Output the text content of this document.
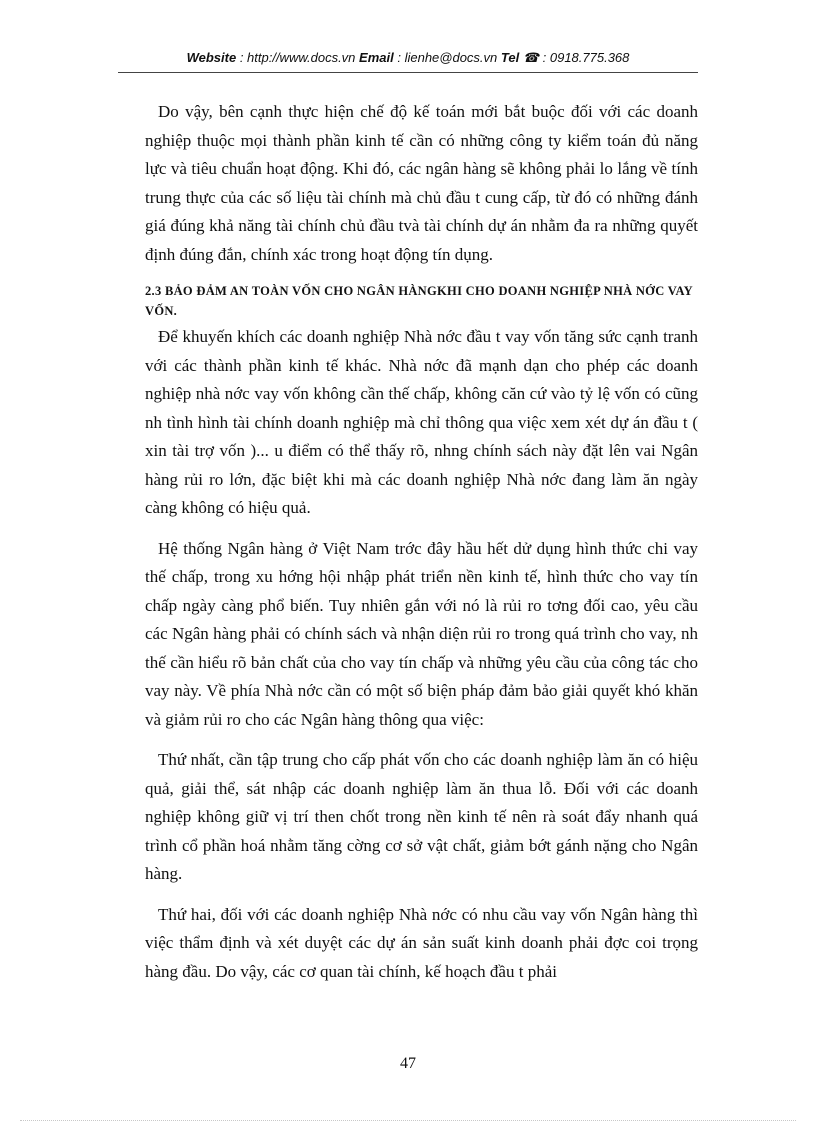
Website : http://www.docs.vn Email : lienhe@docs.vn Tel ☎ : 0918.775.368

Do vậy, bên cạnh thực hiện chế độ kế toán mới bắt buộc đối với các doanh nghiệp thuộc mọi thành phần kinh tế cần có những công ty kiểm toán đủ năng lực và tiêu chuẩn hoạt động. Khi đó, các ngân hàng sẽ không phải lo lắng về tính trung thực của các số liệu tài chính mà chủ đầu t cung cấp, từ đó có những đánh giá đúng khả năng tài chính chủ đầu tvà tài chính dự án nhằm đa ra những quyết định đúng đắn, chính xác trong hoạt động tín dụng.

2.3 BẢO ĐẢM AN TOÀN VỐN CHO NGÂN HÀNGKHI CHO DOANH NGHIỆP NHÀ NỚC VAY VỐN.

Để khuyến khích các doanh nghiệp Nhà nớc đầu t vay vốn tăng sức cạnh tranh với các thành phần kinh tế khác. Nhà nớc đã mạnh dạn cho phép các doanh nghiệp nhà nớc vay vốn không cần thế chấp, không căn cứ vào tỷ lệ vốn có cũng nh tình hình tài chính doanh nghiệp mà chỉ thông qua việc xem xét dự án đầu t ( xin tài trợ vốn )... u điểm có thể thấy rõ, nhng chính sách này đặt lên vai Ngân hàng rủi ro lớn, đặc biệt khi mà các doanh nghiệp Nhà nớc đang làm ăn ngày càng không có hiệu quả.

Hệ thống Ngân hàng ở Việt Nam trớc đây hầu hết dử dụng hình thức chi vay thế chấp, trong xu hớng hội nhập phát triển nền kinh tế, hình thức cho vay tín chấp ngày càng phổ biến. Tuy nhiên gắn với nó là rủi ro tơng đối cao, yêu cầu các Ngân hàng phải có chính sách và nhận diện rủi ro trong quá trình cho vay, nh thế cần hiểu rõ bản chất của cho vay tín chấp và những yêu cầu của công tác cho vay này. Về phía Nhà nớc cần có một số biện pháp đảm bảo giải quyết khó khăn và giảm rủi ro cho các Ngân hàng thông qua việc:

Thứ nhất, cần tập trung cho cấp phát vốn cho các doanh nghiệp làm ăn có hiệu quả, giải thể, sát nhập các doanh nghiệp làm ăn thua lỗ. Đối với các doanh nghiệp không giữ vị trí then chốt trong nền kinh tế nên rà soát đẩy nhanh quá trình cổ phần hoá nhằm tăng cờng cơ sở vật chất, giảm bớt gánh nặng cho Ngân hàng.

Thứ hai, đối với các doanh nghiệp Nhà nớc có nhu cầu vay vốn Ngân hàng thì việc thẩm định và xét duyệt các dự án sản suất kinh doanh phải đợc coi trọng hàng đầu. Do vậy, các cơ quan tài chính, kế hoạch đầu t phải

47
